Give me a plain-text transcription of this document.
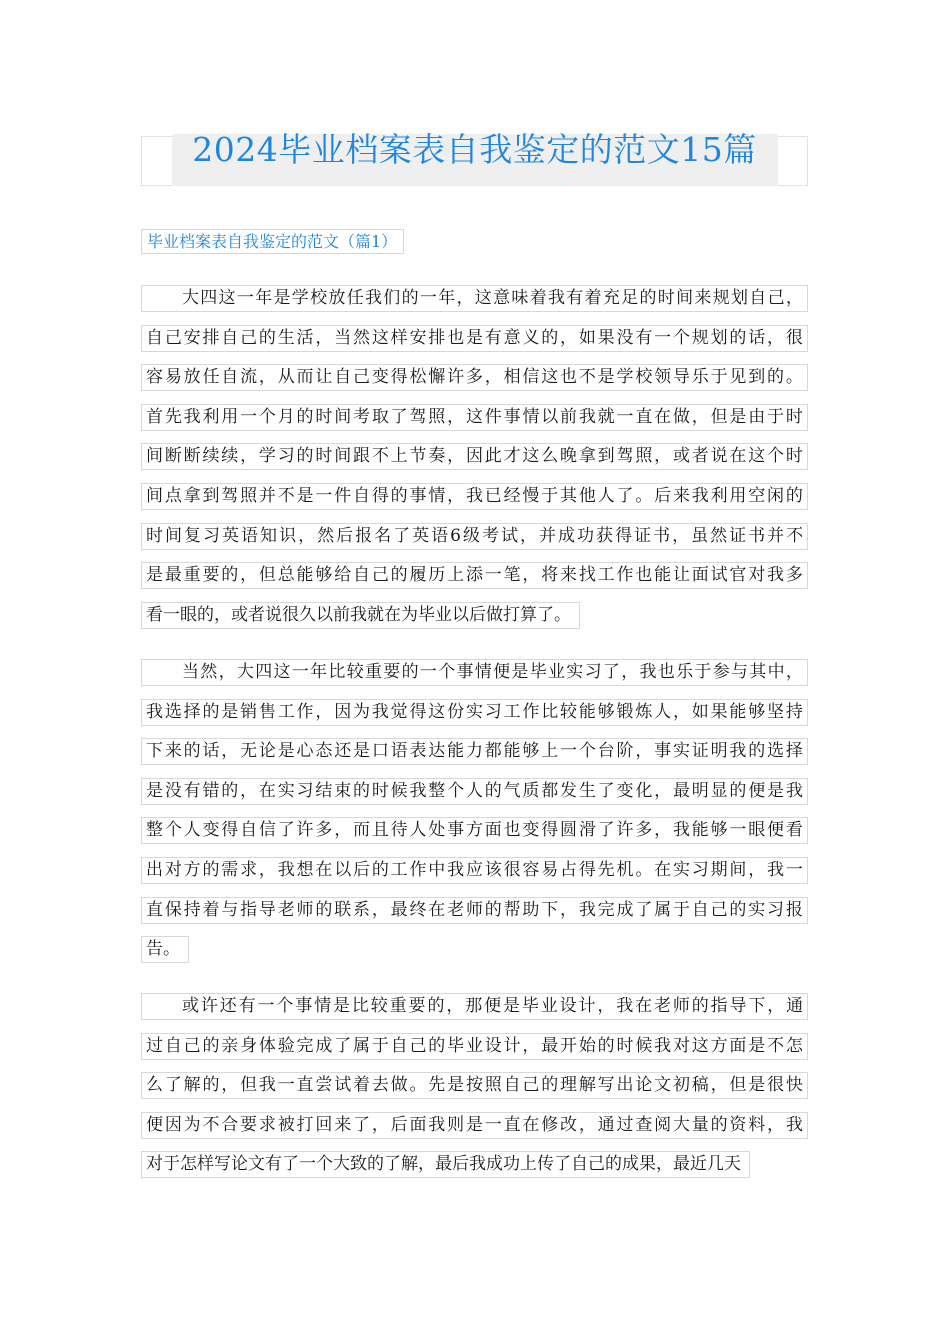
2024毕业档案表自我鉴定的范文15篇
毕业档案表自我鉴定的范文（篇1）
大四这一年是学校放任我们的一年，这意味着我有着充足的时间来规划自己，
自己安排自己的生活，当然这样安排也是有意义的，如果没有一个规划的话，很
容易放任自流，从而让自己变得松懈许多，相信这也不是学校领导乐于见到的。
首先我利用一个月的时间考取了驾照，这件事情以前我就一直在做，但是由于时
间断断续续，学习的时间跟不上节奏，因此才这么晚拿到驾照，或者说在这个时
间点拿到驾照并不是一件自得的事情，我已经慢于其他人了。后来我利用空闲的
时间复习英语知识，然后报名了英语6级考试，并成功获得证书，虽然证书并不
是最重要的，但总能够给自己的履历上添一笔，将来找工作也能让面试官对我多
看一眼的，或者说很久以前我就在为毕业以后做打算了。
当然，大四这一年比较重要的一个事情便是毕业实习了，我也乐于参与其中，
我选择的是销售工作，因为我觉得这份实习工作比较能够锻炼人，如果能够坚持
下来的话，无论是心态还是口语表达能力都能够上一个台阶，事实证明我的选择
是没有错的，在实习结束的时候我整个人的气质都发生了变化，最明显的便是我
整个人变得自信了许多，而且待人处事方面也变得圆滑了许多，我能够一眼便看
出对方的需求，我想在以后的工作中我应该很容易占得先机。在实习期间，我一
直保持着与指导老师的联系，最终在老师的帮助下，我完成了属于自己的实习报
告。
或许还有一个事情是比较重要的，那便是毕业设计，我在老师的指导下，通
过自己的亲身体验完成了属于自己的毕业设计，最开始的时候我对这方面是不怎
么了解的，但我一直尝试着去做。先是按照自己的理解写出论文初稿，但是很快
便因为不合要求被打回来了，后面我则是一直在修改，通过查阅大量的资料，我
对于怎样写论文有了一个大致的了解，最后我成功上传了自己的成果，最近几天
